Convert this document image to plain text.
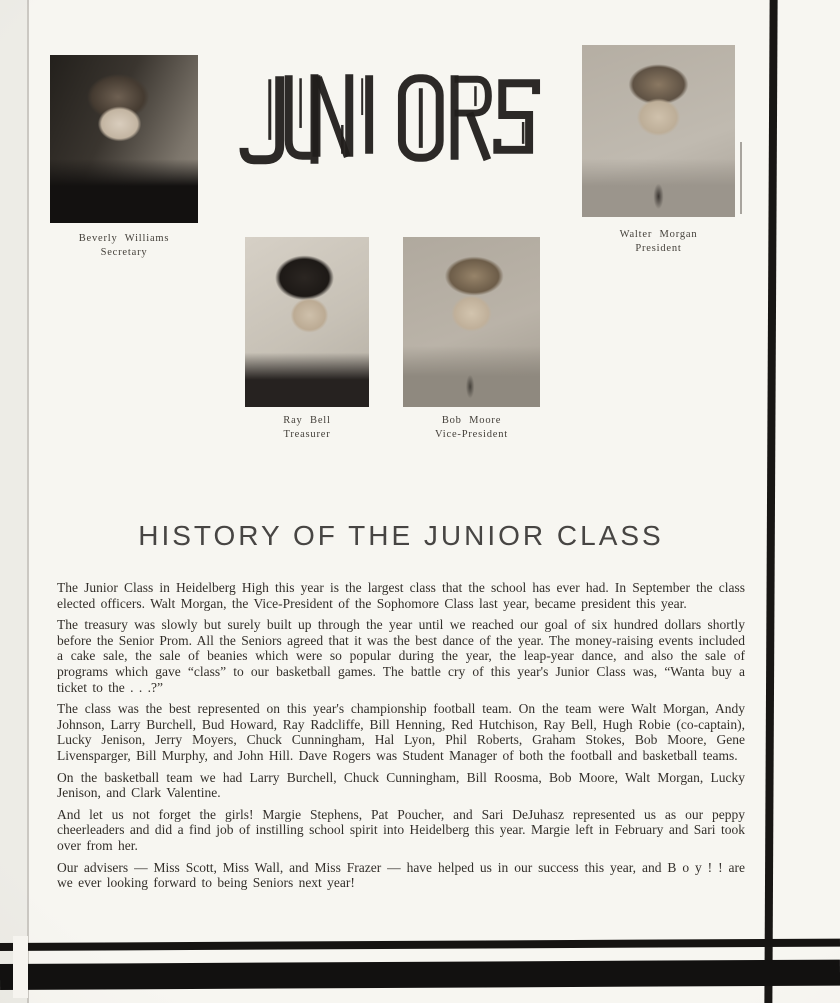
Beverly Williams
Secretary
Walter Morgan
President
Ray Bell
Treasurer
Bob Moore
Vice-President
HISTORY OF THE JUNIOR CLASS

The Junior Class in Heidelberg High this year is the largest class that the school has ever had. In September the class elected officers. Walt Morgan, the Vice-President of the Sophomore Class last year, became president this year.

The treasury was slowly but surely built up through the year until we reached our goal of six hundred dollars shortly before the Senior Prom. All the Seniors agreed that it was the best dance of the year. The money-raising events included a cake sale, the sale of beanies which were so popular during the year, the leap-year dance, and also the sale of programs which gave “class” to our basketball games. The battle cry of this year's Junior Class was, “Wanta buy a ticket to the . . .?”

The class was the best represented on this year's championship football team. On the team were Walt Morgan, Andy Johnson, Larry Burchell, Bud Howard, Ray Radcliffe, Bill Henning, Red Hutchison, Ray Bell, Hugh Robie (co-captain), Lucky Jenison, Jerry Moyers, Chuck Cunningham, Hal Lyon, Phil Roberts, Graham Stokes, Bob Moore, Gene Livensparger, Bill Murphy, and John Hill. Dave Rogers was Student Manager of both the football and basketball teams.

On the basketball team we had Larry Burchell, Chuck Cunningham, Bill Roosma, Bob Moore, Walt Morgan, Lucky Jenison, and Clark Valentine.

And let us not forget the girls! Margie Stephens, Pat Poucher, and Sari DeJuhasz represented us as our peppy cheerleaders and did a find job of instilling school spirit into Heidelberg this year. Margie left in February and Sari took over from her.

Our advisers — Miss Scott, Miss Wall, and Miss Frazer — have helped us in our success this year, and B o y ! ! are we ever looking forward to being Seniors next year!
